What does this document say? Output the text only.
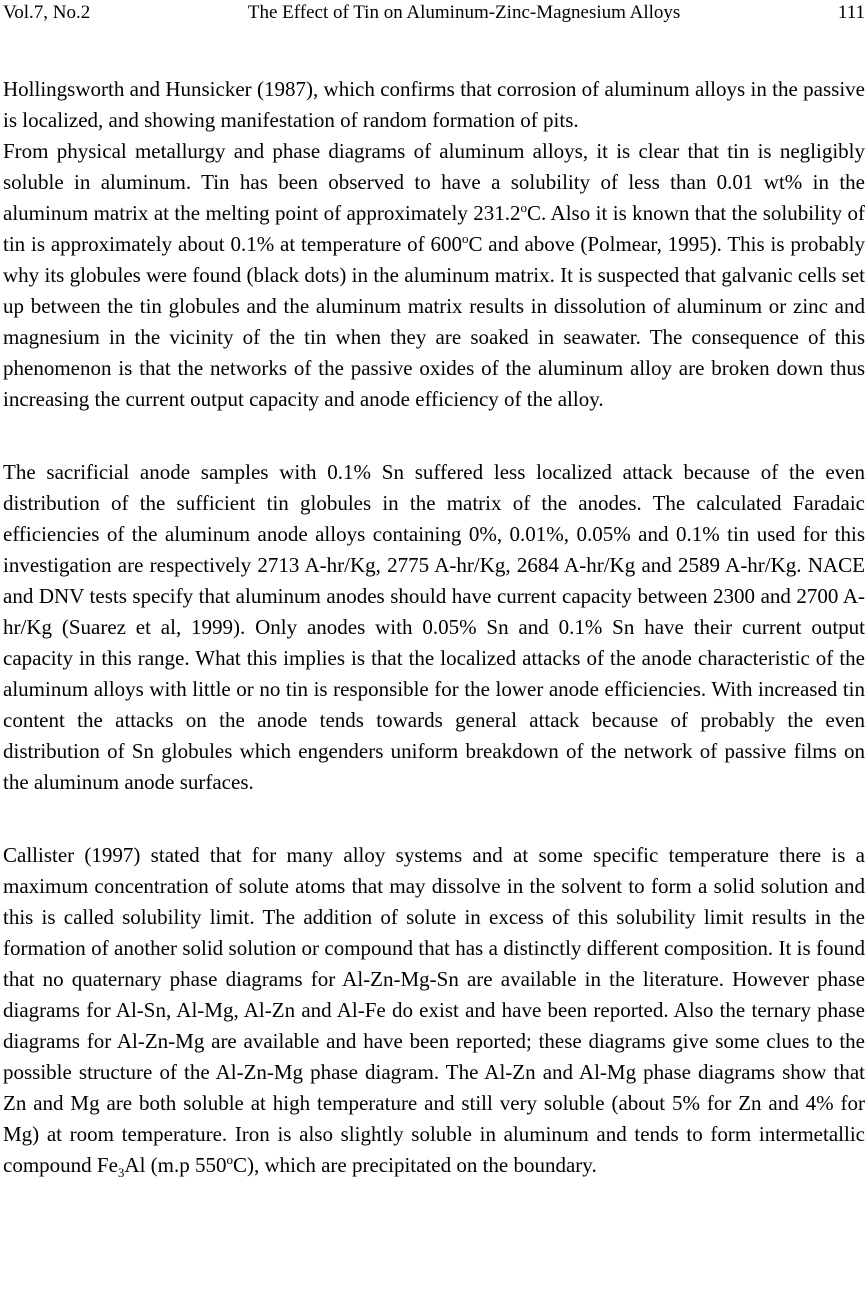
Vol.7, No.2	The Effect of Tin on Aluminum-Zinc-Magnesium Alloys	111

Hollingsworth and Hunsicker (1987), which confirms that corrosion of aluminum alloys in the passive is localized, and showing manifestation of random formation of pits.

From physical metallurgy and phase diagrams of aluminum alloys, it is clear that tin is negligibly soluble in aluminum. Tin has been observed to have a solubility of less than 0.01 wt% in the aluminum matrix at the melting point of approximately 231.2$^o$C. Also it is known that the solubility of tin is approximately about 0.1% at temperature of 600$^o$C and above (Polmear, 1995). This is probably why its globules were found (black dots) in the aluminum matrix. It is suspected that galvanic cells set up between the tin globules and the aluminum matrix results in dissolution of aluminum or zinc and magnesium in the vicinity of the tin when they are soaked in seawater. The consequence of this phenomenon is that the networks of the passive oxides of the aluminum alloy are broken down thus increasing the current output capacity and anode efficiency of the alloy.

The sacrificial anode samples with 0.1% Sn suffered less localized attack because of the even distribution of the sufficient tin globules in the matrix of the anodes. The calculated Faradaic efficiencies of the aluminum anode alloys containing 0%, 0.01%, 0.05% and 0.1% tin used for this investigation are respectively 2713 A-hr/Kg, 2775 A-hr/Kg, 2684 A-hr/Kg and 2589 A-hr/Kg. NACE and DNV tests specify that aluminum anodes should have current capacity between 2300 and 2700 A-hr/Kg (Suarez et al, 1999). Only anodes with 0.05% Sn and 0.1% Sn have their current output capacity in this range. What this implies is that the localized attacks of the anode characteristic of the aluminum alloys with little or no tin is responsible for the lower anode efficiencies. With increased tin content the attacks on the anode tends towards general attack because of probably the even distribution of Sn globules which engenders uniform breakdown of the network of passive films on the aluminum anode surfaces.

Callister (1997) stated that for many alloy systems and at some specific temperature there is a maximum concentration of solute atoms that may dissolve in the solvent to form a solid solution and this is called solubility limit. The addition of solute in excess of this solubility limit results in the formation of another solid solution or compound that has a distinctly different composition. It is found that no quaternary phase diagrams for Al-Zn-Mg-Sn are available in the literature. However phase diagrams for Al-Sn, Al-Mg, Al-Zn and Al-Fe do exist and have been reported. Also the ternary phase diagrams for Al-Zn-Mg are available and have been reported; these diagrams give some clues to the possible structure of the Al-Zn-Mg phase diagram. The Al-Zn and Al-Mg phase diagrams show that Zn and Mg are both soluble at high temperature and still very soluble (about 5% for Zn and 4% for Mg) at room temperature. Iron is also slightly soluble in aluminum and tends to form intermetallic compound $Fe_3Al$ (m.p 550$^o$C), which are precipitated on the boundary.
